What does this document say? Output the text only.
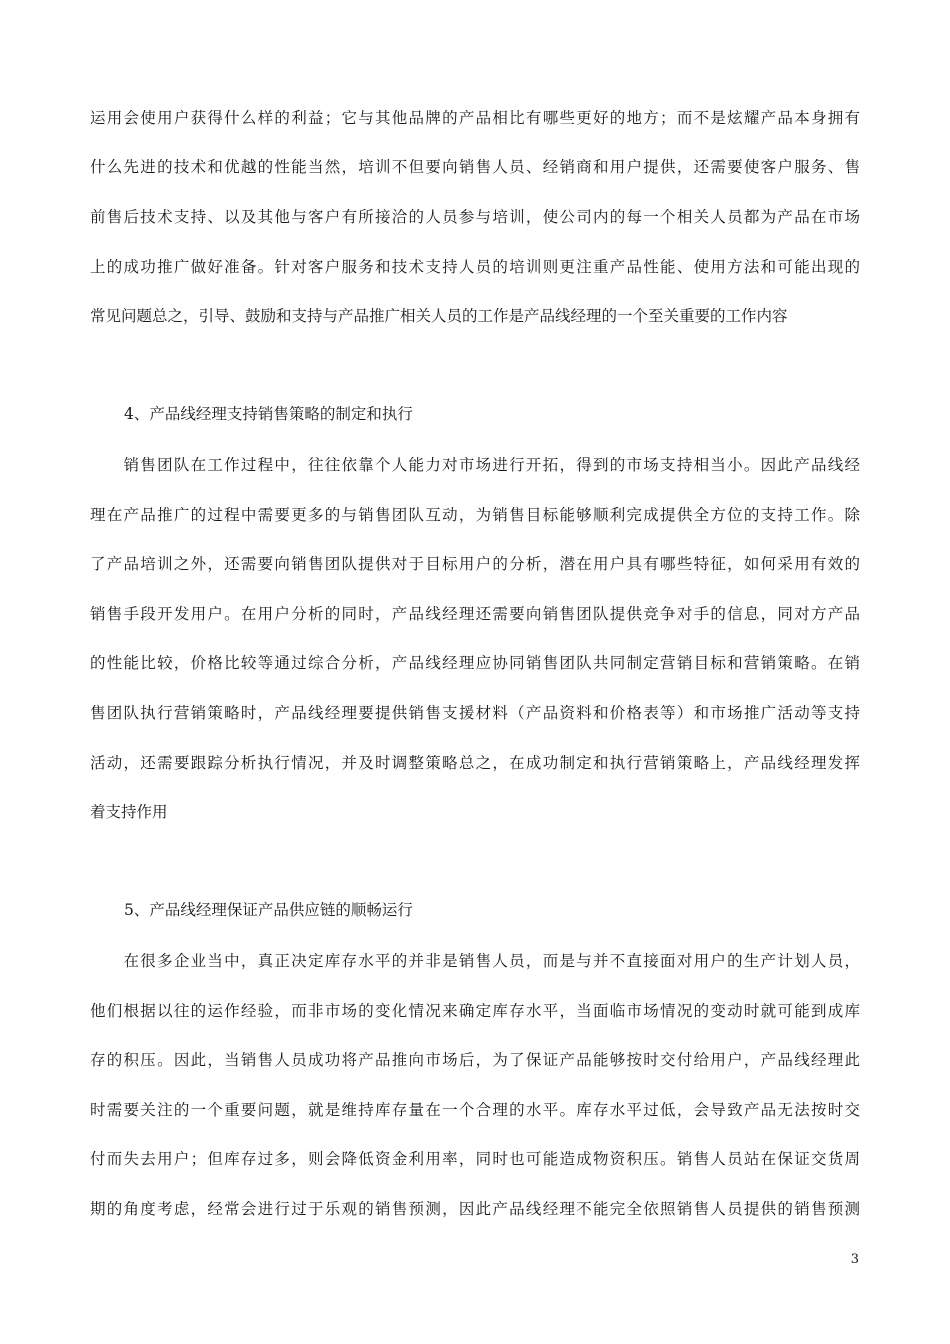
运用会使用户获得什么样的利益；它与其他品牌的产品相比有哪些更好的地方；而不是炫耀产品本身拥有
什么先进的技术和优越的性能当然，培训不但要向销售人员、经销商和用户提供，还需要使客户服务、售
前售后技术支持、以及其他与客户有所接洽的人员参与培训，使公司内的每一个相关人员都为产品在市场
上的成功推广做好准备。针对客户服务和技术支持人员的培训则更注重产品性能、使用方法和可能出现的
常见问题总之，引导、鼓励和支持与产品推广相关人员的工作是产品线经理的一个至关重要的工作内容
4、产品线经理支持销售策略的制定和执行
　　销售团队在工作过程中，往往依靠个人能力对市场进行开拓，得到的市场支持相当小。因此产品线经
理在产品推广的过程中需要更多的与销售团队互动，为销售目标能够顺利完成提供全方位的支持工作。除
了产品培训之外，还需要向销售团队提供对于目标用户的分析，潜在用户具有哪些特征，如何采用有效的
销售手段开发用户。在用户分析的同时，产品线经理还需要向销售团队提供竞争对手的信息，同对方产品
的性能比较，价格比较等通过综合分析，产品线经理应协同销售团队共同制定营销目标和营销策略。在销
售团队执行营销策略时，产品线经理要提供销售支援材料（产品资料和价格表等）和市场推广活动等支持
活动，还需要跟踪分析执行情况，并及时调整策略总之，在成功制定和执行营销策略上，产品线经理发挥
着支持作用
5、产品线经理保证产品供应链的顺畅运行
　　在很多企业当中，真正决定库存水平的并非是销售人员，而是与并不直接面对用户的生产计划人员，
他们根据以往的运作经验，而非市场的变化情况来确定库存水平，当面临市场情况的变动时就可能到成库
存的积压。因此，当销售人员成功将产品推向市场后，为了保证产品能够按时交付给用户，产品线经理此
时需要关注的一个重要问题，就是维持库存量在一个合理的水平。库存水平过低，会导致产品无法按时交
付而失去用户；但库存过多，则会降低资金利用率，同时也可能造成物资积压。销售人员站在保证交货周
期的角度考虑，经常会进行过于乐观的销售预测，因此产品线经理不能完全依照销售人员提供的销售预测
3
